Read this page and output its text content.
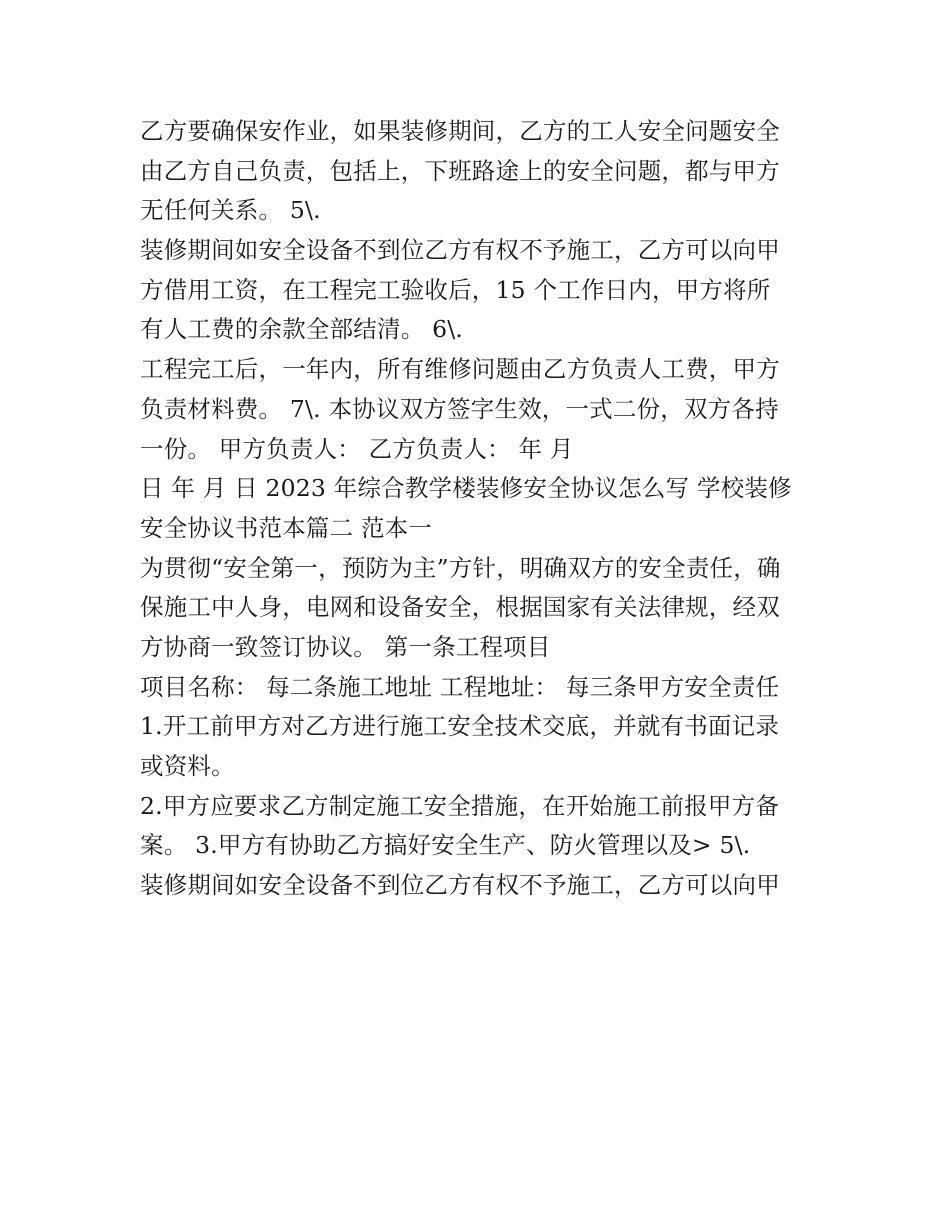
乙方要确保安作业，如果装修期间，乙方的工人安全问题安全
由乙方自己负责，包括上，下班路途上的安全问题，都与甲方
无任何关系。 5\.
装修期间如安全设备不到位乙方有权不予施工，乙方可以向甲
方借用工资，在工程完工验收后，15 个工作日内，甲方将所
有人工费的余款全部结清。 6\.
工程完工后，一年内，所有维修问题由乙方负责人工费，甲方
负责材料费。 7\. 本协议双方签字生效，一式二份，双方各持
一份。 甲方负责人： 乙方负责人： 年 月
日 年 月 日 2023 年综合教学楼装修安全协议怎么写 学校装修
安全协议书范本篇二 范本一
为贯彻“安全第一，预防为主”方针，明确双方的安全责任，确
保施工中人身，电网和设备安全，根据国家有关法律规，经双
方协商一致签订协议。 第一条工程项目
项目名称： 每二条施工地址 工程地址： 每三条甲方安全责任
1.开工前甲方对乙方进行施工安全技术交底，并就有书面记录
或资料。
2.甲方应要求乙方制定施工安全措施，在开始施工前报甲方备
案。 3.甲方有协助乙方搞好安全生产、防火管理以及> 5\.
装修期间如安全设备不到位乙方有权不予施工，乙方可以向甲
